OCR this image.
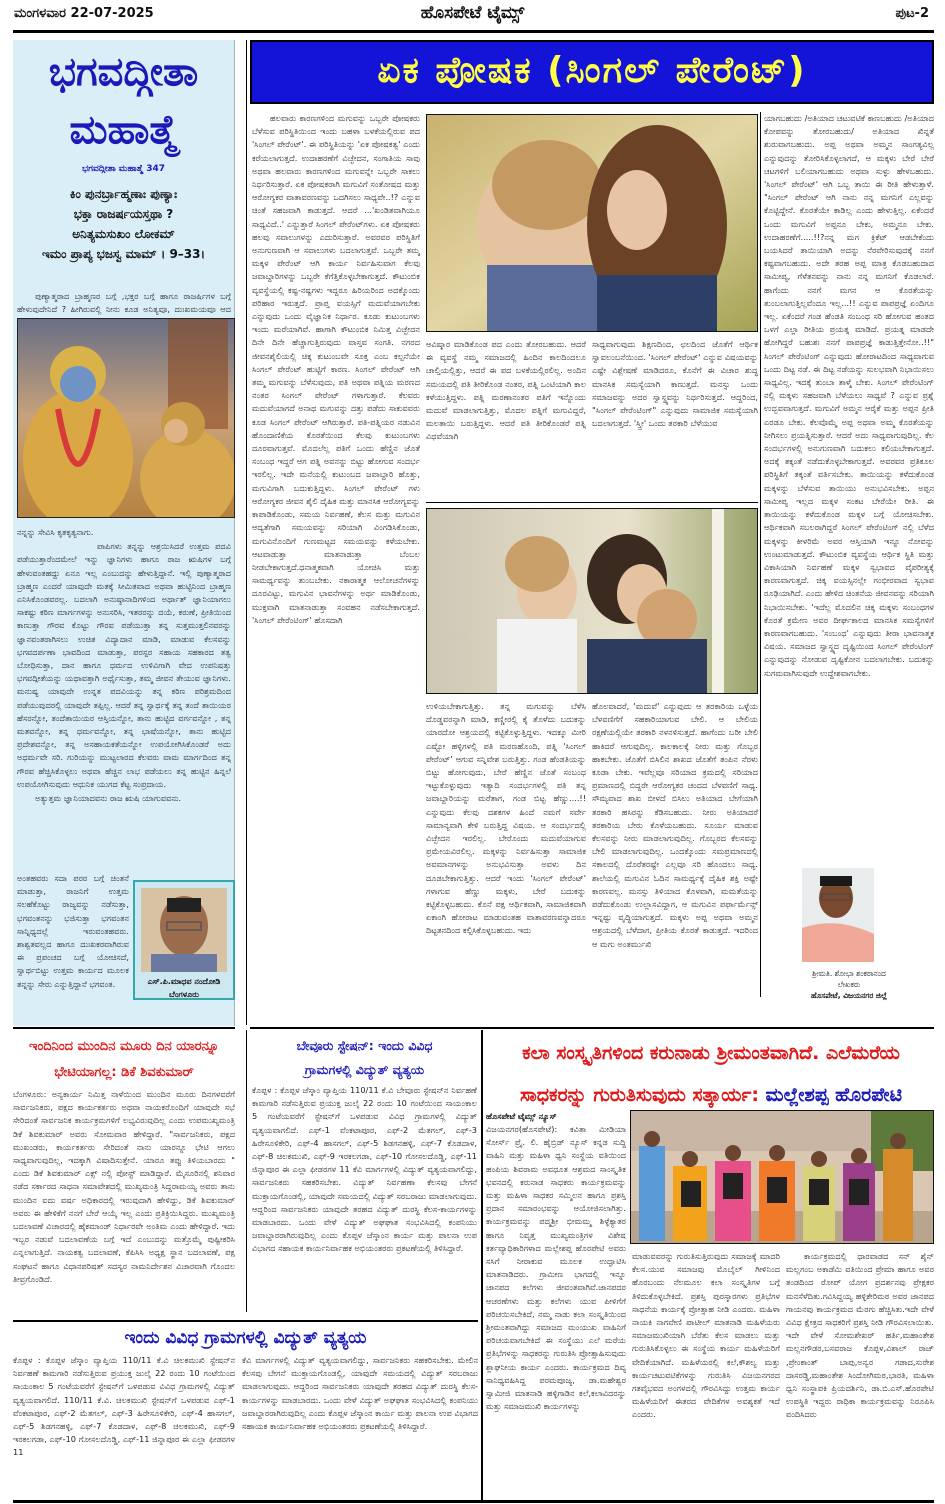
ಹೊಸಪೇಟೆ ಟೈಮ್ಸ್
ಮಂಗಳವಾರ 22-07-2025	ಪುಟ-2
ಭಗವದ್ಗೀತಾ
ಮಹಾತ್ಮೆ
ಭಗವದ್ಗೀತಾ ಮಹಾತ್ಮೆ 347
ಕಿಂ ಪುನರ್ಬ್ರಾಹ್ಮಣಾಃ ಪುಣ್ಯಾಃ
ಭಕ್ತಾ ರಾಜರ್ಷಯಸ್ತಥಾ ?
ಅನಿತ್ಯಮಸುಖಂ ಲೋಕಮ್
ಇಮಂ ಪ್ರಾಪ್ಯ ಭಜಸ್ವ ಮಾಮ್ । 9–33।

ಪುಣ್ಯಾತ್ಮರಾದ ಬ್ರಾಹ್ಮಣರ ಬಗ್ಗೆ ,ಭಕ್ತರ ಬಗ್ಗೆ ಹಾಗೂ ರಾಜರ್ಷಿಗಳ ಬಗ್ಗೆ ಹೇಳುವುದೇನಿದೆ ? ಹೀಗಿರುವಲ್ಲಿ ನೀನು ಕೂಡ ಅನಿತ್ಯವೂ, ದುಃಖಮಯವೂ ಆದ

ನನ್ನನ್ನು ಸೇವಿಸಿ ಕೃತಕೃತ್ಯನಾಗು.

ಪಾಪಿಗಳು ತನ್ನನ್ನು ಆಶ್ರಯಿಸಿದರೆ ಉತ್ತಮ ಪದವಿ ಪಡೆಯುತ್ತಾರೆಂದಮೇಲೆ ಇನ್ನು ಜ್ಞಾನಿಗಳು ಹಾಗೂ ರಾಜ ಋಷಿಗಳ ಬಗ್ಗೆ ಹೇಳುವಂತಹದ್ದು ಏನೂ ಇಲ್ಲ ಎಂಬುದನ್ನು ಹೇಳುತ್ತಿದ್ದಾನೆ. ಇಲ್ಲಿ ಪುಣ್ಯಾತ್ಮರಾದ ಬ್ರಾಹ್ಮಣ ಎಂದರೆ ಯಾವುದೇ ಮತಕ್ಕೆ ಸೀಮಿತವಾದ ಅಥವಾ ಹುಟ್ಟಿನಿಂದ ಬ್ರಾಹ್ಮಣ ಎನಿಸಿಕೊಂಡವರಲ್ಲ. ಬದಲಾಗಿ ಅನುಷ್ಠಾನಾದಿಗಳಿಂದ ಅರ್ಥಾತ್ ಜ್ಞಾನಿಯಾಗಲು ಸಾಕಷ್ಟು ಕಠಿಣ ಮಾರ್ಗಗಳನ್ನು ಅನುಸರಿಸಿ, ಇತರರನ್ನು ದಯೆ, ಕರುಣೆ, ಪ್ರೀತಿಯಿಂದ ಕಾಣುತ್ತಾ ಗೌರವ ಕೊಟ್ಟು ಗೌರವ ಪಡೆಯುತ್ತಾ ತನ್ನ ಸುತ್ತಮುತ್ತಲಿನವರನ್ನು ಜ್ಞಾನವಂತರಾಗಿಸಲು ಉಚಿತ ವಿದ್ಯಾದಾನ ಮಾಡಿ, ಮಾಡುವ ಕೆಲಸವನ್ನು ಭಗವದರ್ಪಣಾ ಭಾವದಿಂದ ಮಾಡುತ್ತಾ, ಪರಸ್ಪರ ಸಹಾಯ ಸಹಕಾರದ ತತ್ವ ಬೋಧಿಸುತ್ತಾ, ದಾನ ಹಾಗೂ ಧರ್ಮದ ಉಳಿವಿಗಾಗಿ ವೇದ ಉಪನಿಷತ್ತು ಭಗವದ್ಗೀತೆಯನ್ನು ಯಥಾವತ್ತಾಗಿ ಅರ್ಥೈಸುತ್ತಾ, ತಮ್ಮ ಜೀವನ ತೇಯುವ ಜ್ಞಾನಿಗಳು. ಮನುಷ್ಯ ಯಾವುದೇ ಉನ್ನತ ಪದವಿಯನ್ನು ತನ್ನ ಕಠಿಣ ಪರಿಶ್ರಮದಿಂದ ಪಡೆಯುವುದರಲ್ಲಿ ಯಾವುದೇ ತಪ್ಪಿಲ್ಲ. ಆದರೆ ತನ್ನ ಸ್ವಾರ್ಥಕ್ಕೆ ತನ್ನ ತಂದೆ ತಾಯಿಯರ ಹೆಸರನ್ನೋ, ತಂದೆತಾಯಿಯರ ಆಸ್ತಿಯನ್ನೋ, ತಾನು ಹುಟ್ಟಿದ ವರ್ಗವನ್ನೋ , ತನ್ನ ಮತವನ್ನೋ, ತನ್ನ ಧರ್ಮವನ್ನೋ, ತನ್ನ ಭಾಷೆಯನ್ನೋ, ತಾನು ಹುಟ್ಟಿದ ಪ್ರದೇಶವನ್ನೋ, ತನ್ನ ಅಸಹಾಯಕತೆಯನ್ನೋ ಉಪಯೋಗಿಸಿಕೊಂಡರೆ ಅದು ಅಧರ್ಮವೇ ಸರಿ. ಗುರಿಯನ್ನು ಮುಟ್ಟಲಾರದ ಕೆಲವರು ವಾಮ ಮಾರ್ಗದಿಂದ ತನ್ನ ಗೌರವ ಹೆಚ್ಚಿಸಿಕೊಳ್ಳಲು ಅಥವಾ ಹೆಚ್ಚಿನ ಲಾಭ ಪಡೆಯಲು ತನ್ನ ಹುಟ್ಟಿನ ಹಿನ್ನಲೆ ಉಪಯೋಗಿಸುವುದು ಆಧುನಿಕ ಯುಗದ ಕೆಟ್ಟ ಸಂಪ್ರದಾಯ.

ಅತ್ಯುತ್ತಮ ಜ್ಞಾನಿಯಾದವನು ರಾಜ ಋಷಿ ಯಾಗುವವನು.

ಅಂತಹವರು ಸದಾ ಪರರ ಬಗ್ಗೆ ಚಿಂತನೆ ಮಾಡುತ್ತಾ, ರಾಜನಿಗೆ ಉತ್ತಮ ಸಲಹೆಕೊಟ್ಟು ರಾಜ್ಯವನ್ನು ನಡೆಸುತ್ತಾ, ಭಗವಂತನನ್ನು ಭಜಿಸುತ್ತಾ ಭಗವಂತನ ಸಾನ್ನಿಧ್ಯದಲ್ಲೆ ಇರುವಂತಹವರು. ಶಾಶ್ವತವಲ್ಲದ ಹಾಗೂ ದುಃಖಕರವಾಗಿರುವ ಈ ಪ್ರಪಂಚದ ಬಗ್ಗೆ ಯೋಚಿಸದೆ, ಸ್ವಾರ್ಥಬಿಟ್ಟು ಉತ್ತಮ ಕಾರ್ಯದ ಮೂಲಕ ತನ್ನನ್ನು ಸೇರು ಎನ್ನುತ್ತಿದ್ದಾನೆ ಭಗವಂತ.	ಎಸ್.ಪಿ.ಮಾಧವ ನಂದೋಡಿ
ಬೆಂಗಳೂರು
ಏಕ ಪೋಷಕ (ಸಿಂಗಲ್ ಪೇರೆಂಟ್)

ಹಲವಾರು ಕಾರಣಗಳಿಂದ ಮಗುವನ್ನು ಒಬ್ಬರೇ ಪೋಷಕರು ಬೆಳೆಸುವ ಪರಿಸ್ಥಿತಿಯಿಂದ ಇಂದು ಬಹಳಾ ಬಳಕೆಯಲ್ಲಿರುವ ಪದ 'ಸಿಂಗಲ್ ಪೇರೆಂಟ್'. ಈ ಪರಿಸ್ಥಿತಿಯನ್ನು 'ಏಕ ಪೋಷಕತ್ವ' ಎಂದು ಕರೆಯಲಾಗುತ್ತದೆ. ಉದಾಹರಣೆಗೆ ವಿಚ್ಛೇದನ, ಸಂಗಾತಿಯ ಸಾವು ಅಥವಾ ಹಲವಾರು ಕಾರಣಗಳಿಂದ ಮಗುವನ್ನೇ ಒಬ್ಬರೇ ಸಾಕಲು ನಿರ್ಧರಿಸುತ್ತಾರೆ. ಏಕ ಪೋಷಕರಾಗಿ ಮಗುವಿಗೆ ಸಂತೋಷದ ಮತ್ತು ಆರೋಗ್ಯಕರ ವಾತಾವರಣವನ್ನು ಒದಗಿಸಲು ಸಾಧ್ಯವೇ..!? ಎನ್ನುವ ಚಿಂತೆ ಸಹಜವಾಗಿ ಕಾಡುತ್ತದೆ. ಆದರೆ ...'ಖಂಡಿತವಾಗಿಯೂ ಸಾಧ್ಯವಿದೆ..' ಎನ್ನುತ್ತಾರೆ ಸಿಂಗಲ್ ಪೇರೆಂಟ್‌ಗಳು. ಏಕ ಪೋಷಕರು ಹಲವು ಸವಾಲುಗಳನ್ನು ಎದುರಿಸುತ್ತಾರೆ. ಅವರವರ ಪರಿಸ್ಥಿತಿಗೆ ಅನುಗುಣವಾಗಿ ಆ ಸವಾಲುಗಳು ಬದಲಾಗುತ್ತವೆ. ಒಬ್ಬರೇ ತಮ್ಮ ಮಕ್ಕಳ ಪೇರೆಂಟ್ ಆಗಿ ಕಾರ್ಯ ನಿರ್ವಹಿಸುವಾಗ ಕೆಲವು ಜವಾಬ್ದಾರಿಗಳನ್ನು ಒಬ್ಬರೇ ಕೆಗೆತ್ತಿಕೊಳ್ಳಬೇಕಾಗುತ್ತದೆ. ಕೌಟುಂಬಿಕ ವ್ಯವಸ್ಥೆಯಲ್ಲಿ ಕಷ್ಟ-ನಷ್ಟಗಳು ಇದ್ದರೂ ಹಿರಿಯರಿಂದ ಅದಕ್ಕೊಂದು ಪರಿಹಾರ ಇರುತ್ತದೆ. ಪ್ರಾಪ್ತ ವಯಸ್ಸಿಗೆ ಮದುವೆಯಾಗಬೇಕು ಎನ್ನುವುದು ಒಂದು ವೈಜ್ಞಾನಿಕ ನಿರ್ಧಾರ. ಕೂಡು ಕುಟುಂಬಗಳು ಇಂದು ಮರೆಯಾಗಿವೆ. ಹಾಗಾಗಿ ಕೌಟುಂಬಿಕ ನಿಮಿತ್ತ ವಿಚ್ಛೇದನ ದಿನೇ ದಿನೇ ಹೆಚ್ಚಾಗುತ್ತಿರುವುದು ವಾಸ್ತವ ಸಂಗತಿ. ನಗರದ ಜೀವನಶೈಲಿಯಲ್ಲಿ ಚಿಕ್ಕ ಕುಟುಂಬವೇ ಸೂಕ್ತ ಎಂಬ ಕಲ್ಪನೆಯೇ ಸಿಂಗಲ್ ಪೇರೆಂಟ್ ಹುಟ್ಟಿಗೆ ಕಾರಣ. ಸಿಂಗಲ್ ಪೇರೆಂಟ್ ಆಗಿ ತಮ್ಮ ಮಗುವನ್ನು ಬೆಳೆಸುವುದು, ಪತಿ ಅಥವಾ ಪತ್ನಿಯ ಮರಣದ ನಂತರ ಸಿಂಗಲ್ ಪೇರೆಂಟ್ ಗಳಾಗುತ್ತಾರೆ. ಕೆಲವರು ಮದುವೆಯಾಗದೆ ಅನಾಥ ಮಗುವನ್ನು ದತ್ತು ಪಡೆದು ಸಾಕುವವರು ಕೂಡ ಸಿಂಗಲ್ ಪೇರೆಂಟ್ ಆಗಿರುತ್ತಾರೆ. ಪತಿ-ಪತ್ನಿಯರ ನಡುವಿನ ಹೊಂದಾಣಿಕೆಯ ಕೊರತೆಯಿಂದ ಕೆಲವು ಕುಟುಂಬಗಳು ದೂರವಾಗುತ್ತವೆ. ಮೊದಲೆಲ್ಲ ಪತಿಗೆ ಒಂದು ಹೆಣ್ಣಿನ ಜೊತೆ ಸಂಬಂಧ ಇದ್ದರೆ ಆಗ ಪತ್ನಿ ಅವನನ್ನು ಬಿಟ್ಟು ಹೋಗುವ ಸಂದರ್ಭ ಇರಲಿಲ್ಲ. ಇದೇ ಮನೆಯಲ್ಲಿ ಕುಟುಂಬದ ಜವಾಬ್ದಾರಿ ಹೊತ್ತು, ಮಗುವಿಗಾಗಿ ಬದುಕುತ್ತಿದ್ದಳು. ಸಿಂಗಲ್ ಪೇರೆಂಟ್ ಗಳು ಆರೋಗ್ಯಕರ ಜೀವನ ಶೈಲಿ ದೈಹಿಕ ಮತ್ತು ಮಾನಸಿಕ ಆರೋಗ್ಯವನ್ನು ಕಾಪಾಡಿಕೊಂಡು, ಸಮಯ ನಿರ್ವಹಣೆ, ಕೆಲಸ ಮತ್ತು ಮಗುವಿನ ಆದ್ಯತೆಗಾಗಿ ಸಮಯವನ್ನು ಸರಿಯಾಗಿ ವಿಂಗಡಿಸಿಕೊಂಡು, ಮಗುವಿನೊಂದಿಗೆ ಗುಣಮಟ್ಟದ ಸಮಯವನ್ನು ಕಳೆಯಬೇಕು. ಆಟವಾಡುತ್ತಾ ಮಾತನಾಡುತ್ತಾ ಬೆಂಬಲ ನೀಡಬೇಕಾಗುತ್ತದೆ.ಧನಾತ್ಮಕವಾಗಿ ಯೋಚಿಸಿ ಮತ್ತು ಸಾಮರ್ಥ್ಯವನ್ನು ತುಂಬಬೇಕು. ನಕಾರಾತ್ಮಕ ಆಲೋಚನೆಗಳನ್ನು ದೂರವಿಟ್ಟು, ಮಗುವಿನ ಭಾವನೆಗಳನ್ನು ಅರ್ಥ ಮಾಡಿಕೊಂಡು, ಮುಕ್ತವಾಗಿ ಮಾತನಾಡುತ್ತಾ ಸಂವಹನ ನಡೆಸಬೇಕಾಗುತ್ತದೆ. 'ಸಿಂಗಲ್ ಪೇರೆಂಟಿಂಗ್' ಹೊಸದಾಗಿ

ಆವಿಷ್ಕಾರ ಮಾಡಿಕೊಂಡ ಪದ ಎಂದು ತೋರಬಹುದು. ಆದರೆ ಈ ವ್ಯವಸ್ಥೆ ನಮ್ಮ ಸಮಾಜದಲ್ಲಿ ಹಿಂದಿನ ಕಾಲದಿಂದಲೂ ಚಾಲ್ತಿಯಲ್ಲಿತ್ತು, ಆದರೆ ಈ ಪದ ಬಳಕೆಯಲ್ಲಿರಲಿಲ್ಲ. ಅಂದಿನ ಸಮಯದಲ್ಲಿ ಪತಿ ತೀರಿಕೊಂಡ ನಂತರ, ಪತ್ನಿ ಒಂಟಿಯಾಗಿ ಕಾಲ ಕಳೆಯುತ್ತಿದ್ದಳು. ಪತ್ನಿ ಮರಣಾನಂತರ ಪತಿಗೆ ಇನ್ನೊಂದು ಮದುವೆ ಮಾಡಲಾಗುತ್ತಿತ್ತು, ಮೊದಲ ಪತ್ನಿಗೆ ಮಗುವಿದ್ದರೆ, ಮಲತಾಯಿ ಬರುತ್ತಿದ್ದಳು. ಆದರೆ ಪತಿ ತೀರಿಕೊಂಡರೆ ಪತ್ನಿ ವಿಧವೆಯಾಗಿ

ಸಾಧ್ಯವಾಗುವುದು ಶಿಕ್ಷಣದಿಂದ, ಛಲದಿಂದ ಜೊತೆಗೆ ಆರ್ಥಿಕ ಸ್ವಾವಲಂಬನೆಯಿಂದ. 'ಸಿಂಗಲ್ ಪೇರೆಂಟ್' ಎನ್ನುವ ವಿಷಯವನ್ನು ಎಷ್ಟೇ ವಿಶ್ಲೇಷಣೆ ಮಾಡಿದರೂ, ಕೊನೆಗೆ ಈ ವಿಚಾರ ಶುದ್ಧ ಮಾನಸಿಕ ಸಮಸ್ಯೆಯಾಗಿ ಕಾಣುತ್ತದೆ. ಮನಸ್ಸು ಒಂದು ಸಮಾಜವನ್ನು ಅದರ ಸ್ವಾಸ್ಥ್ಯವನ್ನು ನಿರ್ಧರಿಸುತ್ತದೆ. ಆದ್ದರಿಂದ, "ಸಿಂಗಲ್ ಪೇರೆಂಟಿಂಗ್" ಎನ್ನುವುದು ಸಾಮಾಜಿಕ ಸಮಸ್ಯೆಯಾಗಿ ಬದಲಾಗುತ್ತದೆ. 'ಸ್ತ್ರೀ' ಒಂದು ತರಕಾರಿ ಬೆಳೆಯುವ

ಉಳಿಯಬೇಕಾಗುತ್ತಿತ್ತು. ತನ್ನ ಮಗುವನ್ನು ಬೆಳೆಸಿ ದೊಡ್ಡವರನ್ನಾಗಿ ಮಾಡಿ, ಕಣ್ಣೀರಲ್ಲಿ ಕೈ ತೊಳೆದು ಬದುಕನ್ನು ಯಾರದೋ ಆಶ್ರಯದಲ್ಲಿ ಕಟ್ಟಿಕೊಳ್ಳುತ್ತಿದ್ದಳು. ಇದಕ್ಕೂ ಮೀರಿ ಎಷ್ಟೋ ಹಳ್ಳಿಗಳಲ್ಲಿ ಪತಿ ಮರಣಹೊಂದಿ, ಪತ್ನಿ 'ಸಿಂಗಲ್ ಪೇರೆಂಟ್' ಆಗುವ ಸನ್ನಿವೇಶ ಬರುತ್ತಿತ್ತು. ಗಂಡ ಹೆಂಡತಿಯನ್ನು ಬಿಟ್ಟು ಹೋಗುವುದು, ಬೇರೆ ಹೆಣ್ಣಿನ ಜೊತೆ ಸಂಬಂಧ ಇಟ್ಟುಕೊಳ್ಳುವುದು ಇತ್ಯಾದಿ ಸಂದರ್ಭಗಳಲ್ಲಿ ಪತಿ ತನ್ನ ಜವಾಬ್ದಾರಿಯನ್ನು ಮರೆತಾಗ, ಗಂಡ ಬಿಟ್ಟ ಹೆಣ್ಣು....!! ಎನ್ನುವುದು ಕೆಲವು ದಶಕಗಳ ಹಿಂದೆ ನಮಗೆ ಸರ್ವೇ ಸಾಮಾನ್ಯವಾಗಿ ಕೇಳಿ ಬರುತ್ತಿದ್ದ ವಿಷಯ. ಆ ಸಂದರ್ಭದಲ್ಲಿ ವಿಚ್ಛೇದನ ಇರಲಿಲ್ಲ. ಬೇರೊಂದು ಮದುವೆಯಾಗುವ ಪ್ರಮೇಯವಿರಲಿಲ್ಲ. ಮಕ್ಕಳನ್ನು ನಿರ್ವಹಿಸುತ್ತಾ ಸಾಮಾಜಿಕ ಅವಮಾನಗಳನ್ನು ಅನುಭವಿಸುತ್ತಾ ಅವಳು ದಿನ ದೂಡಬೇಕಾಗುತ್ತಿತ್ತು. ಆದರೆ ಇಂದು 'ಸಿಂಗಲ್ ಪೇರೆಂಟ್' ಗಳಾಗುವ ಹೆಣ್ಣು ಮಕ್ಕಳು, ಬೇರೆ ಬದುಕನ್ನು ಕಟ್ಟಿಕೊಳ್ಳಬಹುದು. ಕೊನೆ ಪಕ್ಷ ಆರ್ಥಿಕವಾಗಿ, ಸಾಮಾಜಿಕವಾಗಿ ಏಕಾಂಗಿ ಹೋರಾಟ ಮಾಡುವಂತಹ ವಾತಾವರಣವನ್ನಾದರೂ ದಿಟ್ಟತನದಿಂದ ಕಲ್ಪಿಸಿಕೊಳ್ಳಬಹುದು. ಇದು

ಹೊಲವಾದರೆ, 'ಮದುವೆ' ಎನ್ನುವುದು ಆ ತರಕಾರಿಯ ಒಳ್ಳೆಯ ಬೆಳವಣಿಗೆಗೆ ಸಹಕಾರಿಯಾಗುವ ಬೇಲಿ. ಆ ಬೇಲಿಯ ರಕ್ಷಣೆಯಲ್ಲಿಯೇ ತರಕಾರಿ ನಳನಳಿಸುತ್ತದೆ. ಹಾಗೆಂದು ಬರೀ ಬೇಲಿ ಹಾಕಿದರೆ ಆಗುವುದಿಲ್ಲ. ಕಾಲಕಾಲಕ್ಕೆ ನೀರು ಮತ್ತು ಗೊಬ್ಬರ ಹಾಕಬೇಕು. ಜೊತೆಗೆ ಬಿಸಿಲಿನ ಶಾಖದ ಜೊತೆಗೆ ತಂಪಿನ ನೆರಳು ಕೂಡಾ ಬೇಕು. ಇವೆಲ್ಲವೂ ಸರಿಯಾದ ಕ್ರಮದಲ್ಲಿ ಸರಿಯಾದ ಪ್ರಮಾಣದಲ್ಲಿ ಬಿದ್ದರೇ ಆರೋಗ್ಯಕರ ಚಂದದ ಬೆಳವಣಿಗೆ ಸಾಧ್ಯ. ಸೌಮ್ಯವಾದ ಶಾಖ ಬೀಳದೆ ಬಿಸಿಲು ಅತಿಯಾದ ಬೇಗೆಯಾಗಿ ತರಕಾರಿ ಹಸಿರನ್ನು ಕೆಡಿಸಬಹುದು. ನೀರು ಅತಿಯಾದರೆ ತರಕಾರಿಯ ಬೇರು ಕೊಳೆಯಬಹುದು. ಸೂರ್ಯ ಮಾಡುವ ಕೆಲಸವನ್ನು ನೀರು ಮಾಡಲಾಗುವುದಿಲ್ಲ. ಗೊಬ್ಬರದ ಕೆಲಸವನ್ನು ಬೇಲಿ ಮಾಡಲಾಗುವುದಿಲ್ಲ. ಒಂದಕ್ಕೊಂದು ಸಮಪ್ರಮಾಣದಲ್ಲಿ ಸಕಾಲದಲ್ಲಿ ದೊರೆತರಷ್ಟೇ ಎಲ್ಲವೂ ಸರಿ ಹೊಂದಲು ಸಾಧ್ಯ. ಶಾಲೆಯಲ್ಲಿ ಮಗುವಿನ ಓದಿನ ಸಾಮರ್ಥ್ಯಕ್ಕೆ ದೈಹಿಕ ಶಕ್ತಿ ಅಷ್ಟೇ ಕಾರಣವಲ್ಲ. ಮನಸ್ಸು ತಿಳಿಯಾದ ಕೊಳವಾಗಿ, ಮಮತೆಯನ್ನು ಪಡೆದುಕೊಂಡು ಉಲ್ಲಾಸವಿದ್ದಾಗ, ಆ ಮಗುವಿನ ಪರ್ಫಾರ್ಮೆನ್ಸ್ ಇನ್ನಷ್ಟು ವೃದ್ಧಿಯಾಗುತ್ತದೆ. ಮಕ್ಕಳು ಅಪ್ಪ ಅಥವಾ ಅಮ್ಮನ ಆಶ್ರಯದಲ್ಲಿ ಬೆಳೆದಾಗ, ಪ್ರೀತಿಯ ಕೊರತೆ ಕಾಡುತ್ತದೆ. ಇದರಿಂದ ಆ ಮಗು ಅಂತರ್ಮುಖಿ

ಯಾಗಬಹುದು /ಅತಿಯಾದ ಚಟುವಟಿಕೆ ಕಾಣಬಹುದು /ಅತಿಯಾದ ಕೋಪವನ್ನು ತೋರಬಹುದು/ ಅತಿಯಾದ ಖಿನ್ನತೆ ಶುರುವಾಗಬಹುದು. ಅಪ್ಪ ಅಥವಾ ಅಮ್ಮನ ಸಾಂಗತ್ಯವಿಲ್ಲ ಎನ್ನುವುದನ್ನು ತೋರಿಸಿಕೊಳ್ಳಲಾಗದೆ, ಆ ಮಕ್ಕಳು ಬೇರೆ ಬೇರೆ ಚಟಗಳಿಗೆ ಬಲಿಯಾಗಬಹುದು ಅಥವಾ ಸುಳ್ಳು ಹೇಳಬಹುದು. 'ಸಿಂಗಲ್ ಪೇರೆಂಟ್' ಆಗಿ ಒಬ್ಬ ತಾಯಿ ಈ ರೀತಿ ಹೇಳುತ್ತಾಳೆ. "ಸಿಂಗಲ್ ಪೇರೆಂಟ್ ಆಗಿ ನಾನು ನನ್ನ ಮಗನಿಗೆ ಎಲ್ಲವನ್ನು ಕೊಟ್ಟಿದ್ದೇನೆ. ಕೊರತೆಯೇ ಕಾಡಿಲ್ಲ ಎಂದು ಹೇಳುತ್ತಿಲ್ಲ. ಏಕೆಂದರೆ ಒಂದು ಮಗುವಿಗೆ ಅಪ್ಪನೂ ಬೇಕು, ಅಮ್ಮನೂ ಬೇಕು. ಉದಾಹರಣೆಗೆ.....!!?ನನ್ನ ಮಗ ಕ್ರಿಕೆಟ್ ಆಡಬೇಕೆಂದು ಬಯಸಿದರೆ ತಾಯಿಯಾಗಿ ಅದನ್ನು ನೆರವೇರಿಸುವುದಕ್ಕೆ ನನಗೆ ಕಷ್ಟವಾಗಬಹುದು. ಅದೇ ತರಹ ಅಪ್ಪ ಮಾತ್ರ ಕೊಡಬಹುದಾದ ಸಾಮೀಪ್ಯ, ಗೆಳೆತನವನ್ನು ನಾನು ನನ್ನ ಮಗನಿಗೆ ಕೊಡಲಾರೆ. ಹಾಗೆಂದು ನನಗೆ ಮಗನ ಆ ಕೊರತೆಯನ್ನು ತುಂಬಲಾಗುತ್ತಿಲ್ಲವೆಂದೂ ಇಲ್ಲ...!! ಎನ್ನುವ ಪಾಪಪ್ರಜ್ಞೆ ಏಂದಿಗೂ ಇಲ್ಲ. ಏಕೆಂದರೆ ಗಂಡ ಹೆಂಡತಿ ಸಂಬಂಧ ಸರಿ ಹೋಗುವ ಹಂತದ ಒಳಗೆ ಎಲ್ಲಾ ರೀತಿಯ ಪ್ರಯತ್ನ ಮಾಡಿದೆ. ಪ್ರಯತ್ನ ಮಾಡದೇ ಹೋಗಿದ್ದರೆ ಬಹುಶಃ ನನಗೆ ಪಾಪಪ್ರಜ್ಞೆ ಕಾಡುತ್ತಿತ್ತೇನೋ..!!" ಸಿಂಗಲ್ ಪೇರೆಂಟಿಂಗ್ ಎನ್ನುವುದು ಹೋರಾಟದಿಂದ ಸಾಧ್ಯವಾಗುವ ಒಂದು ದಿಟ್ಟ ನಡೆ. ಈ ದಿಟ್ಟ ನಡೆಯನ್ನು ಸುಲಭವಾಗಿ ನಿಭಾಯಿಸಲು ಸಾಧ್ಯವಿಲ್ಲ. ಇದಕ್ಕೆ ತುಂಬಾ ತಾಳ್ಮೆ ಬೇಕು. ಸಿಂಗಲ್ ಪೇರೆಂಟಿಂಗ್ ನಲ್ಲಿ ಮಕ್ಕಳು ಸಹಜವಾಗಿ ಬೆಳೆಯಲು ಸಾಧ್ಯವೆ ? ಎನ್ನುವ ಪ್ರಶ್ನೆ ಉದ್ಭವವಾಗುತ್ತದೆ. ಮಗುವಿಗೆ ಅಮ್ಮನ ಆರೈಕೆ ಮತ್ತು ಅಪ್ಪನ ಪ್ರೀತಿ ಎರಡೂ ಬೇಕು. ಕೆಲವೊಮ್ಮೆ ಅಪ್ಪ ಅಥವಾ ಅಮ್ಮ ಕೊರತೆಯನ್ನು ನೀಗಿಸಲು ಪ್ರಯತ್ನಿಸುತ್ತಾರೆ. ಆದರೆ ಅದು ಸಾಧ್ಯವಾಗುವುದಿಲ್ಲ. ಕೆಲ ಸಂದರ್ಭಗಳಲ್ಲಿ ಅನುಗುಣವಾಗಿ ಬದುಕಲು ಕಲಿಯಬೇಕಾಗುತ್ತದೆ. ಅದಕ್ಕೆ ತಕ್ಕಂತೆ ನಡೆದುಕೊಳ್ಳಬೇಕಾಗುತ್ತದೆ. ಅವರವರ ಪ್ರತಿಕೂಲ ಪರಿಸ್ಥಿತಿಗೆ ತಕ್ಕಂತೆ ವರ್ತಿಸಬೇಕು. ತಾಯಿಯನ್ನು ಕಳೆದುಕೊಂಡ ಮಕ್ಕಳನ್ನು ಬೆಳೆಸುವ ತಾಯಿಯು ಅನುಭವಿಸಬೇಕು. ಅಪ್ಪನ ಸಾಮೀಪ್ಯ ಇಲ್ಲದ ಮಕ್ಕಳ ಸಂಕಟ ಬೇರೆಯೇ ರೀತಿ. ಈ ತಾಯಿಯನ್ನು ಕಳೆದುಕೊಂಡ ಮಕ್ಕಳ ಬಗ್ಗೆ ಯೋಚಿಸಬೇಕು. ಆರ್ಥಿಕವಾಗಿ ಸಬಲರಾಗಿದ್ದರೆ ಸಿಂಗಲ್ ಪೇರೆಂಟಿಂಗ್ ನಲ್ಲಿ ಬೆಳೆದ ಮಕ್ಕಳನ್ನು ಕೀಳರಿಮೆ ಅವರ ಆಸ್ತಿಯಾಗಿ ಇನ್ನೂ ನೋವನ್ನು ಉಂಟುಮಾಡುತ್ತದೆ. ಕೌಟುಂಬಿಕ ವ್ಯವಸ್ಥೆಯ ಆರ್ಥಿಕ ಸ್ಥಿತಿ ಮತ್ತು ವಿಕಾಸಿಯಾಗಿ ನಿರ್ವಹಣೆ ಮಕ್ಕಳ ಸ್ವಭಾವದ ವೈಪರೀತ್ಯಕ್ಕೆ ಕಾರಣವಾಗುತ್ತದೆ. ಚಿಕ್ಕ ವಯಸ್ಸಿನಲ್ಲೇ ಗಂಭೀರವಾದ ಸ್ವಭಾವ ರೂಢಿಯಾಗಿದೆ. ಎಂದು ಹೇಳಿದ ಚಿಂತನೆಯ ಜೀವನವನ್ನು ಸರಿಯಾಗಿ ನಿಭಾಯಿಸಬೇಕು. 'ಇದೆಲ್ಲ ಮೊದಲಿನ ಚಿಕ್ಕ ಮಕ್ಕಳು ಸಂಬಂಧಗಳ ಕೊರತೆ ಕ್ರಮೇಣ ಅವರ ದೀರ್ಘಕಾಲದ ಮಾನಸಿಕ ಸಮಸ್ಯೆಗಳಿಗೆ ಕಾರಣವಾಗಬಹುದು. 'ಸಂಬಂಧ' ಎನ್ನುವುದು ತೀರಾ ಭಾವನಾತ್ಮಕ ವಿಷಯ. ಸಮಾಜದ ಸ್ವಾಸ್ಥ್ಯದ ದೃಷ್ಟಿಯಿಂದ ಸಿಂಗಲ್ ಪೇರೆಂಟಿಂಗ್ ಎನ್ನುವುದನ್ನು ನೋಡುವ ದೃಷ್ಟಿಕೋನ ಬದಲಾಗಬೇಕು. ಬದುಕನ್ನು ಸುಗಮವಾಗಿಸುವುದೇ ಉದ್ದೇಶವಾಗಬೇಕು.

ಶ್ರೀಮತಿ. ಶೋಭಾ ಶಂಕರಾನಂದ
ಲೇಖಕರು
ಹೊಸಪೇಟೆ, ವಿಜಯನಗರ ಜಿಲ್ಲೆ
ಇಂದಿನಿಂದ ಮುಂದಿನ ಮೂರು ದಿನ ಯಾರನ್ನೂ
ಭೇಟಿಯಾಗಲ್ಲ: ಡಿಕೆ ಶಿವಕುಮಾರ್

ಬೆಂಗಳೂರು: ಅನ್ಯಕಾರ್ಯ ನಿಮಿತ್ತ ನಾಳೆಯಿಂದ ಮುಂದಿನ ಮೂರು ದಿನಗಳವರೆಗೆ ಸಾರ್ವಜನಿಕರು, ಪಕ್ಷದ ಕಾರ್ಯಕರ್ತರು ಅಥವಾ ನಾಯಕರೊಂದಿಗೆ ಯಾವುದೇ ಸಭೆ ಸೇರಿದಂತೆ ಸಾರ್ವಜನಿಕ ಕಾರ್ಯಕ್ರಮಗಳಿಗೆ ಲಭ್ಯವಿರುವುದಿಲ್ಲ ಎಂದು ಉಪಮುಖ್ಯಮಂತ್ರಿ ಡಿಕೆ ಶಿವಕುಮಾರ್ ಅವರು ಸೋಮವಾರ ಹೇಳಿದ್ದಾರೆ. "ಸಾರ್ವಜನಿಕರು, ಪಕ್ಷದ ಮುಖಂಡರು, ಕಾರ್ಯಕರ್ತರು ಸೇರಿದಂತೆ ನಾನು ಯಾರನ್ನೂ ಭೇಟಿ ಆಗಲು ಸಾಧ್ಯವಾಗುವುದಿಲ್ಲ, ಇದಕ್ಕಾಗಿ ವಿಷಾದಿಸುತ್ತೇನೆ. ಯಾರೂ ತಪ್ಪು ತಿಳಿಯಬಾರದು " ಎಂದು ಡಿಕೆ ಶಿವಕುಮಾರ್ ಎಕ್ಸ್ ನಲ್ಲಿ ಪೋಸ್ಟ್ ಮಾಡಿದ್ದಾರೆ. ಮೈಸೂರಿನಲ್ಲಿ ಶನಿವಾರ ನಡೆದ ಸರ್ಕಾರದ ಸಾಧನಾ ಸಮಾವೇಶದಲ್ಲಿ ಮುಖ್ಯಮಂತ್ರಿ ಸಿದ್ದರಾಮಯ್ಯ ಅವರು ತಾನು ಮುಂದಿನ ಐದು ವರ್ಷ ಅಧಿಕಾರದಲ್ಲಿ ಇರುವುದಾಗಿ ಹೇಳಿದ್ದು, ಡಿಕೆ ಶಿವಕುಮಾರ್ ಅವರು ಈ ಹೇಳಿಕೆಗೆ ನನಗೆ ಬೇರೆ ಆಯ್ಕೆ ಇಲ್ಲ ಎಂದು ಪ್ರತಿಕ್ರಿಯಿಸಿದ್ದರು. ಮುಖ್ಯಮಂತ್ರಿ ಬದಲಾವಣೆ ವಿಚಾರದಲ್ಲಿ ಹೈಕಮಾಂಡ್ ನಿರ್ಧಾರವೇ ಅಂತಿಮ ಎಂದು ಹೇಳಿದ್ದಾರೆ. ಇದು ಇಬ್ಬರ ನಡುವೆ ಬದಲಾವಣೆಯ ಬಗ್ಗೆ ಇದೆ ಎಂಬುದನ್ನು ಮತ್ತೊಮ್ಮೆ ಪುಷ್ಟೀಕರಿಸಿ ಎನ್ನಲಾಗುತ್ತಿದೆ. ನಾಯಕತ್ವ ಬದಲಾವಣೆ, ಕೆಪಿಸಿಸಿ ಅಧ್ಯಕ್ಷ ಸ್ಥಾನ ಬದಲಾವಣೆ, ಪಕ್ಷ ಸಂಘಟನೆ ಹಾಗೂ ವಿಧಾನಪರಿಷತ್ ಸದಸ್ಯರ ನಾಮನಿರ್ದೇಶನ ವಿಚಾರವಾಗಿ ಗೊಂದಲ ತೀವ್ರಗೊಂಡಿದೆ.

ಬೇವೂರು ಸ್ಟೇಷನ್: ಇಂದು ವಿವಿಧ
ಗ್ರಾಮಗಳಲ್ಲಿ ವಿದ್ಯುತ್ ವ್ಯತ್ಯಯ

ಕೊಪ್ಪಳ : ಕೊಪ್ಪಳ ಜೆಸ್ಕಾಂ ವ್ಯಾಪ್ತಿಯ 110/11 ಕೆ.ವಿ ಬೇವೂರು ಸ್ಟೇಷನ್‌ನ ನಿರ್ವಹಣೆ ಕಾಮಗಾರಿ ನಡೆಸುತ್ತಿರುವ ಪ್ರಯುಕ್ತ ಜುಲೈ 22 ರಂದು 10 ಗಂಟೆಯಿಂದ ಸಾಯಂಕಾಲ 5 ಗಂಟೆಯವರೆಗೆ ಸ್ಟೇಷನ್‌ಗೆ ಒಳಪಡುವ ವಿವಿಧ ಗ್ರಾಮಗಳಲ್ಲಿ ವಿದ್ಯುತ್ ವ್ಯತ್ಯಯವಾಗಲಿದೆ. ಎಫ್-1 ವೆಂಕಟಾಪೂರ, ಎಫ್-2 ಮೆತಗಲ್, ಎಫ್-3 ಹಿರೇಸೂಳಿಕೇರಿ, ಎಫ್-4 ಹಾಸಗಲ್, ಎಫ್-5 ಶಿಡಗನಹಳ್ಳಿ, ಎಫ್-7 ಕೊಡದಾಳ, ಎಫ್-8 ಚಿಲಕಮುಖಿ, ಎಫ್-9 ಇರಕಲಗಡಾ, ಎಫ್-10 ಗೋಸಲದೊಡ್ಡಿ, ಎಫ್-11 ಜಿನ್ನಾಪೂರ ಈ ಎಲ್ಲಾ ಫೀಡರಗಳ 11 ಕೆವಿ ಮಾರ್ಗಗಳಲ್ಲಿ ವಿದ್ಯುತ್ ವ್ಯತ್ಯಯವಾಗಲಿದ್ದು, ಸಾರ್ವಜನಿಕರು ಸಹಕರಿಸಬೇಕು. ವಿದ್ಯುತ್ ನಿರ್ವಹಣಾ ಕೆಲಸವು ಬೇಗನೆ ಮುಕ್ತಾಯಗೊಂಡಲ್ಲಿ, ಯಾವುದೇ ಸಮಯದಲ್ಲಿ ವಿದ್ಯುತ್ ಸರಬರಾಜು ಮಾಡಲಾಗುವುದು. ಆದ್ದರಿಂದ ಸಾರ್ವಜನಿಕರು ಯಾವುದೇ ತರಹದ ವಿದ್ಯುತ್ ದುರಸ್ಥಿ ಕೆಲಸ-ಕಾರ್ಯಗಳನ್ನು ಮಾಡಬಾರದು. ಒಂದು ವೇಳೆ ವಿದ್ಯುತ್ ಅಘಘಾತ ಸಂಭವಿಸಿದಲ್ಲಿ ಕಂಪನಿಯು ಜವಾಬ್ದಾರರಾಗಿರುವುದಿಲ್ಲ ಎಂದು ಕೊಪ್ಪಳ ಜೆಸ್ಕಾಂನ ಕಾರ್ಯ ಮತ್ತು ಪಾಲನಾ ಉಪ ವಿಭಾಗದ ಸಹಾಯಕ ಕಾರ್ಯನಿರ್ವಾಹಕ ಅಭಿಯಂತರರು ಪ್ರಕಟಣೆಯಲ್ಲಿ ತಿಳಿಸಿದ್ದಾರೆ.

ಕಲಾ ಸಂಸ್ಕೃತಿಗಳಿಂದ ಕರುನಾಡು ಶ್ರೀಮಂತವಾಗಿದೆ. ಎಲೆಮರೆಯ
ಸಾಧಕರನ್ನು ಗುರುತಿಸುವುದು ಸತ್ಕಾರ್ಯ: ಮಲ್ಲೇಶಪ್ಪ ಹೊರಪೇಟಿ
ಹೊಸಪೇಟೆ ಟೈಮ್ಸ್ ನ್ಯೂಸ್

ವಿಜಯನಗರ(ಹೊಸಪೇಟೆ): ಕವಿತಾ ಮೀಡಿಯಾ ಸೋರ್ಸ್ ಪ್ರೈ. ಲಿ. ಹೈಬ್ರಿಡ್ ನ್ಯೂಸ್ ಕನ್ನಡ ಸುದ್ದಿ ವಾಹಿನಿ ಮತ್ತು ಮಹಿಳಾ ಧ್ವನಿ ಸಂಸ್ಥೆಯ ವತಿಯಿಂದ ಹಂಪಿಯ ಶಿವರಾಮ ಅವಧೂತ ಆಶ್ರಮದ ಸಾಂಸ್ಕೃತಿಕ ಭವನದಲ್ಲಿ ಕರುನಾಡ ಸಾಧಕರು ಕಾರ್ಯಕ್ರಮವನ್ನು ಮತ್ತು ಮಹಿಳಾ ಸಾಧಕರ ಸಮ್ಮಿಲನ ಹಾಗೂ ಪ್ರಶಸ್ತಿ ಪ್ರದಾನ ಸಮಾರಂಭವನ್ನು ಆಯೋಜಿಸಲಾಗಿತ್ತು. ಕಾರ್ಯಕ್ರಮವನ್ನು ಪದ್ಮಶ್ರೀ ಭೀಮಮ್ಮ ಶಿಳ್ಳೆಕ್ಯಾತರ ಹಾಗೂ ನಿವೃತ್ತ ಮುಖ್ಯಮಂತ್ರಿಗಳ ವಿಶೇಷ ಕರ್ತವ್ಯಾಧಿಕಾರಿಗಳಾದ ಮಲ್ಲೇಶಪ್ಪ ಹೊರಪೇಟಿ ಅವರು ಸಸಿಗೆ ನೀರಾಕುವ ಮೂಲಕ ಉದ್ಘಾಟಿಸಿ ಮಾತನಾಡಿದರು. ಗ್ರಾಮೀಣ ಭಾಗದಲ್ಲಿ ಇನ್ನೂ ಜಾನಪದ ಕಲೆಗಳು ಜೀವಂತವಾಗಿವೆ.ಜಾನಪದರ ಆಚರಣೆಗಳು ಮತ್ತು ಕಲೆಗಳು ಯುವ ಪೀಳಿಗೆಗೆ ಪರಿಚಯಿಸಬೇಕಿದೆ, ನಮ್ಮ ನಾಡು ಕಲಾ ಸಂಸ್ಕೃತಿಯಿಂದ ಶ್ರೀಮಂತವಾಗಿದ್ದು ಸಮಾಜದ ಮಂಯುಖ ವಾಹಿನಿಗೆ ಪರಿಚಯವಾಗಬೇಕಿದೆ ಈ ಸಂಸ್ಥೆಯು ಎಲೆ ಮರೆಯ ಪ್ರತಿಭೆಗಳನ್ನು ಸಾಧಕರನ್ನು ಗುರುತಿಸಿ ಪ್ರೋತ್ಸಾಹಿಸುವುದು ಶ್ಲಾಘನೀಯ ಕಾರ್ಯ ಎಂದರು. ಕಾರ್ಯಕ್ರಮದ ದಿವ್ಯ ಸಾನಿಧ್ಯವಹಿಸಿದ್ದ ಪರಮಪೂಜ್ಯ, ಡಾ.ಮಹೇಶ್ವರ ಸ್ವಾಮೀಜಿ ಮಾತನಾಡಿ ಹಳ್ಳಿಗಾಡಿನ ಕಲೆ,ಕಲಾವಿದರನ್ನು ಮತ್ತು ಸಮಾಜಮುಖಿ ಕಾರ್ಯಗಳನ್ನು

ಮಾಡುವವರನ್ನು ಗುರುತಿಸುತ್ತಿರುವುದು ಸಮಾಜಕ್ಕೆ ಮಾದರಿ ಕೆಲಸ.ಯುವ ಸಮಾಜವು ಮೊಬೈಲ್ ಗೀಳಿನಿಂದ ಹೊರಬಂದು ನೆಲಮೂಲ ಕಲಾ ಸಂಸ್ಕೃತಿಗಳ ಬಗ್ಗೆ ತಿಳಿದುಕೊಳ್ಳಬೇಕಿದೆ. ಪ್ರಶಸ್ತಿ ಪುರಸ್ಕಾರಗಳು ಪ್ರತಿಭೆಗಳ ಸಾಧನೆಯ ಕಾರ್ಯಕ್ಕೆ ಪ್ರೋತ್ಸಾಹ ನೀಡಿ ಎಂದರು. ಮಹಿಳಾ ನಾಯಕಿ ನಾಗವೇಣಿ ಪಾಟೀಲ್ ಮಾತನಾಡಿ ಮಹಿಳೆಯರು ಸಮಾಜಮುಖಿಯಾಗಿ ಬೆರೆತು ಕೆಲಸ ಮಾಡಲು ಮತ್ತು ಗುರುತಿಸಿಕೊಳ್ಳಲು ಈ ಸಂಸ್ಥೆಯ ಕಾರ್ಯ ಮಹಿಳೆಯರಿಗೆ ವೇದಿಕೆಯಾಗಿದೆ. ಮಹಿಳೆಯರಲ್ಲಿ ಕಲೆ,ಕೌಶಲ್ಯ ಮತ್ತು ಕಾರ್ಯಚಟುವಟಿಕೆಗಳನ್ನು ಗುರುತಿಸಿ ವಿಜಯನಗರದ ಗತವೈಭವದ ಅಂಗಳದಲ್ಲಿ ಗೌರವಿಸಿದ್ದು ಉತ್ತಮ ಕಾರ್ಯ ಮಹಿಳೆಯರಿಗೆ ಈತರದ ವೇದಿಕೆಗಳ ಅವಶ್ಯಕತೆ ಇದೆ ಎಂದರು.

ಕಾರ್ಯಕ್ರಮದಲ್ಲಿ ಧಾರವಾಡದ ಸನ್ ಶೈನ್ ಮಲ್ಲಗಂಬ ಅಕಾಡೆಮಿ ವತಿಯಿಂದ ಪ್ರೇಮಾ ಹಾಗೂ ಅವರ ತಂಡದಿಂದ ರೋಪ್ ಯೋಗ ಪ್ರದರ್ಶನವು ಪ್ರೇಕ್ಷಕರ ಮನಸೆಳೆದಿತು.ಗವಿಸಿದ್ದಯ್ಯ ಹಳ್ಳಿಕೇರಿಮಠ ಅವರ ಜಾನಪದ ಗಾಯನವು ಕಾರ್ಯಕ್ರಮದ ಮೆರಗು ಹೆಚ್ಚಿಸಿತು.ಇದೇ ವೇಳೆ ವಿವಿಧ ಕ್ಷೇತ್ರದ ಸಾಧಕರಿಗೆ ಪ್ರಶಸ್ತಿ ನೀಡಿ ಗೌರವಿಸಲಾಯಿತು. ಇದೇ ವೇಳೆ ಸೋಮಶೇಖರ್ ಹರ್ತಿ,ಮಹಾಂತೇಶ ಮಲ್ಲನಗೌಡರ,ಬಸವರಾಜ ಕೊಪ್ಪಳ,ವಿಶಾಲ್ ರಾಜ್ ,ಪ್ರೇಂಕಾಂತ್ ಬಾಪು,ಅನ್ವರ ಗಡಾದ,ಸುರೇಶ ದಾಸರಡ್ಡಿ,ಮಹಾಂತೇಶ ಸಿಂದೋಗಿಮಠ,ಭಾರತಿ, ಮಹಿಳಾ ಧ್ವನಿ ಸಂಸ್ಥಾಪಕಿ ಪ್ರಿಯದರ್ಶಿನಿ, ಡಾ.ಬಿ.ಎಸ್.ಹೊರಪೇಟಿ ಉಪಸ್ಥಿತಿ ಇದ್ದರು ರಾಧಿಕಾ ಕಾರ್ಯಕ್ರಮವನ್ನು ನಿರೂಪಿಸಿ ವಂದಿಸಿದರು

ಇಂದು ವಿವಿಧ ಗ್ರಾಮಗಳಲ್ಲಿ ವಿದ್ಯುತ್ ವ್ಯತ್ಯಯ

ಕೊಪ್ಪಳ : ಕೊಪ್ಪಳ ಜೆಸ್ಕಾಂ ವ್ಯಾಪ್ತಿಯ 110/11 ಕೆ.ವಿ ಚಿಲಕಮುಖಿ ಸ್ಟೇಷನ್‌ನ ನಿರ್ವಹಣೆ ಕಾಮಗಾರಿ ನಡೆಸುತ್ತಿರುವ ಪ್ರಯುಕ್ತ ಜುಲೈ 22 ರಂದು 10 ಗಂಟೆಯಿಂದ ಸಾಯಂಕಾಲ 5 ಗಂಟೆಯವರೆಗೆ ಸ್ಟೇಷನ್‌ಗೆ ಒಳಪಡುವ ವಿವಿಧ ಗ್ರಾಮಗಳಲ್ಲಿ ವಿದ್ಯುತ್ ವ್ಯತ್ಯಯವಾಗಲಿದೆ. 110/11 ಕೆ.ವಿ. ಚಿಲಕಮುಖಿ ಸ್ಟೇಷನ್‌ಗೆ ಒಳಪಡುವ ಎಫ್-1 ವೆಂಕಟಾಪೂರ, ಎಫ್-2 ಮೆತಗಲ್, ಎಫ್-3 ಹಿರೇಸೂಳಿಕೇರಿ, ಎಫ್-4 ಹಾಸಗಲ್, ಎಫ್-5 ಶಿಡಗನಹಳ್ಳಿ, ಎಫ್-7 ಕೊಡದಾಳ, ಎಫ್-8 ಚಿಲಕಮುಖಿ, ಎಫ್-9 ಇರಕಲಗಡಾ, ಎಫ್-10 ಗೋಸಲದೊಡ್ಡಿ, ಎಫ್-11 ಜಿನ್ನಾಪೂರ ಈ ಎಲ್ಲಾ ಫೀಡರಗಳ 11

ಕೆವಿ ಮಾರ್ಗಗಳಲ್ಲಿ ವಿದ್ಯುತ್ ವ್ಯತ್ಯಯವಾಗಲಿದ್ದು, ಸಾರ್ವಜನಿಕರು ಸಹಕರಿಸಬೇಕು. ಮೇಲಿನ ಕೆಲಸವು ಬೇಗನೆ ಮುಕ್ತಾಯಗೊಂಡಲ್ಲಿ, ಯಾವುದೇ ಸಮಯದಲ್ಲಿ ವಿದ್ಯುತ್ ಸರಬರಾಜು ಮಾಡಲಾಗುವುದು. ಆದ್ದರಿಂದ ಸಾರ್ವಜನಿಕರು ಯಾವುದೇ ತರಹದ ವಿದ್ಯುತ್ ದುರಸ್ಥಿ ಕೆಲಸ-ಕಾರ್ಯಗಳನ್ನು ಮಾಡಬಾರದು. ಒಂದು ವೇಳೆ ವಿದ್ಯುತ್ ಅಘಘಾತ ಸಂಭವಿಸಿದಲ್ಲಿ ಕಂಪನಿಯು ಜವಾಬ್ದಾರರಾಗಿರುವುದಿಲ್ಲ ಎಂದು ಕೊಪ್ಪಳ ಜೆಸ್ಕಾಂನ ಕಾರ್ಯ ಮತ್ತು ಪಾಲನಾ ಉಪ ವಿಭಾಗದ ಸಹಾಯಕ ಕಾರ್ಯನಿರ್ವಾಹಕ ಅಭಿಯಂತರರು ಪ್ರಕಟಣೆಯಲ್ಲಿ ತಿಳಿಸಿದ್ದಾರೆ.
